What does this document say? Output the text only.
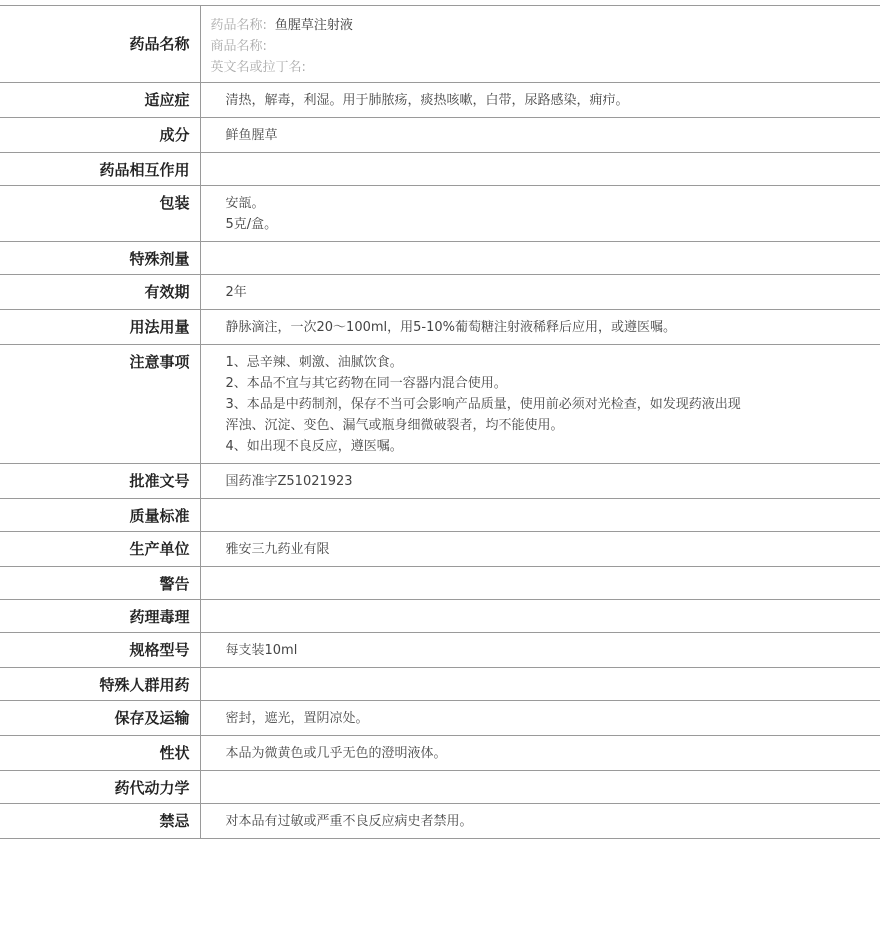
药品名称	药品名称: 鱼腥草注射液
商品名称:
英文名或拉丁名:

适应症	清热，解毒，利湿。用于肺脓疡，痰热咳嗽，白带，尿路感染，痈疖。

成分	鲜鱼腥草

药品相互作用	
包装	安瓿。
5克/盒。

特殊剂量	
有效期	2年

用法用量	静脉滴注，一次20～100ml，用5-10%葡萄糖注射液稀释后应用，或遵医嘱。

注意事项	1、忌辛辣、刺激、油腻饮食。
2、本品不宜与其它药物在同一容器内混合使用。
3、本品是中药制剂，保存不当可会影响产品质量，使用前必须对光检查，如发现药液出现
浑浊、沉淀、变色、漏气或瓶身细微破裂者，均不能使用。
4、如出现不良反应，遵医嘱。

批准文号	国药准字Z51021923

质量标准	
生产单位	雅安三九药业有限

警告	
药理毒理	
规格型号	每支装10ml

特殊人群用药	
保存及运输	密封，遮光，置阴凉处。

性状	本品为微黄色或几乎无色的澄明液体。

药代动力学	
禁忌	对本品有过敏或严重不良反应病史者禁用。
